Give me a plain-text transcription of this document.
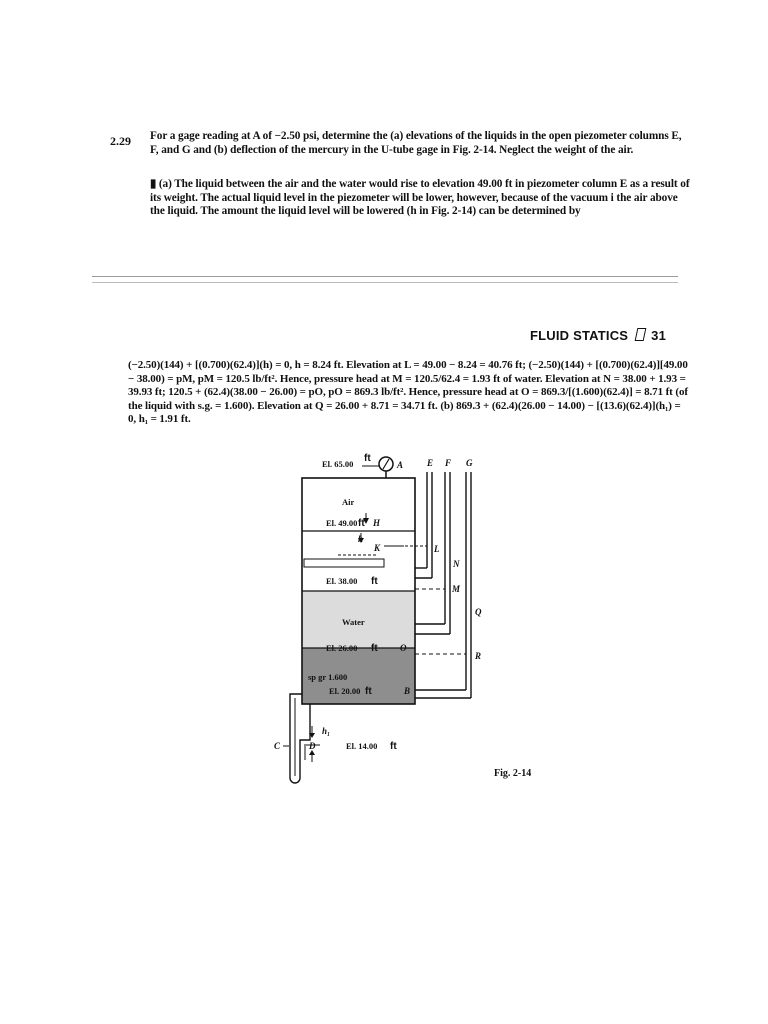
2.29 For a gage reading at A of −2.50 psi, determine the (a) elevations of the liquids in the open piezometer columns E, F, and G and (b) deflection of the mercury in the U-tube gage in Fig. 2-14. Neglect the weight of the air.
▮ (a) The liquid between the air and the water would rise to elevation 49.00 ft in piezometer column E as a result of its weight. The actual liquid level in the piezometer will be lower, however, because of the vacuum i the air above the liquid. The amount the liquid level will be lowered (h in Fig. 2-14) can be determined by
FLUID STATICS 31
(−2.50)(144) + [(0.700)(62.4)](h) = 0, h = 8.24 ft. Elevation at L = 49.00 − 8.24 = 40.76 ft; (−2.50)(144) + [(0.700)(62.4)][49.00 − 38.00) = pM, pM = 120.5 lb/ft². Hence, pressure head at M = 120.5/62.4 = 1.93 ft of water. Elevation at N = 38.00 + 1.93 = 39.93 ft; 120.5 + (62.4)(38.00 − 26.00) = pO, pO = 869.3 lb/ft². Hence, pressure head at O = 869.3/[(1.600)(62.4)] = 8.71 ft (of the liquid with s.g. = 1.600). Elevation at Q = 26.00 + 8.71 = 34.71 ft. (b) 869.3 + (62.4)(26.00 − 14.00) − [(13.6)(62.4)](h₁) = 0, h₁ = 1.91 ft.
El. 65.00 ft
A	E F G
Air
El. 49.00 ft H
h
K	L
N
M
El. 38.00 ft
Water
El. 26.00 ft O
Q
R
sp gr 1.600
El. 20.00 ft	B
C	D
h₁
El. 14.00 ft
Fig. 2-14
